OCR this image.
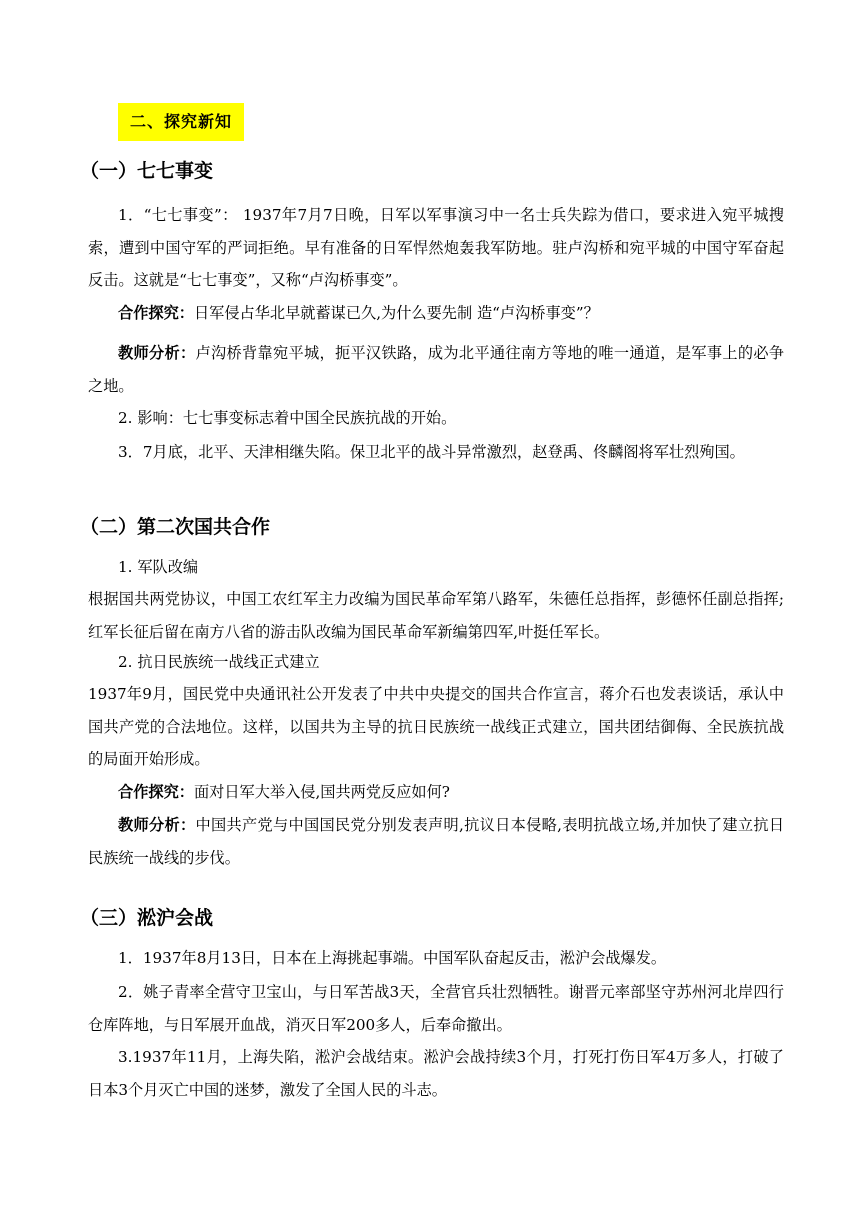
二、探究新知
（一）七七事变

1．“七七事变”： 1937年7月7日晚，日军以军事演习中一名士兵失踪为借口，要求进入宛平城搜索，遭到中国守军的严词拒绝。早有准备的日军悍然炮轰我军防地。驻卢沟桥和宛平城的中国守军奋起反击。这就是“七七事变”，又称“卢沟桥事变”。

合作探究：日军侵占华北早就蓄谋已久,为什么要先制 造“卢沟桥事变”？

教师分析：卢沟桥背靠宛平城，扼平汉铁路，成为北平通往南方等地的唯一通道，是军事上的必争之地。

2. 影响：七七事变标志着中国全民族抗战的开始。

3．7月底，北平、天津相继失陷。保卫北平的战斗异常激烈，赵登禹、佟麟阁将军壮烈殉国。

（二）第二次国共合作

1. 军队改编

根据国共两党协议，中国工农红军主力改编为国民革命军第八路军，朱德任总指挥，彭德怀任副总指挥;红军长征后留在南方八省的游击队改编为国民革命军新编第四军,叶挺任军长。

2. 抗日民族统一战线正式建立

1937年9月，国民党中央通讯社公开发表了中共中央提交的国共合作宣言，蒋介石也发表谈话，承认中国共产党的合法地位。这样，以国共为主导的抗日民族统一战线正式建立，国共团结御侮、全民族抗战的局面开始形成。

合作探究：面对日军大举入侵,国共两党反应如何?

教师分析：中国共产党与中国国民党分别发表声明,抗议日本侵略,表明抗战立场,并加快了建立抗日民族统一战线的步伐。

（三）淞沪会战

1．1937年8月13日，日本在上海挑起事端。中国军队奋起反击，淞沪会战爆发。

2．姚子青率全营守卫宝山，与日军苦战3天，全营官兵壮烈牺牲。谢晋元率部坚守苏州河北岸四行仓库阵地，与日军展开血战，消灭日军200多人，后奉命撤出。

3.1937年11月，上海失陷，淞沪会战结束。淞沪会战持续3个月，打死打伤日军4万多人，打破了日本3个月灭亡中国的迷梦，激发了全国人民的斗志。
